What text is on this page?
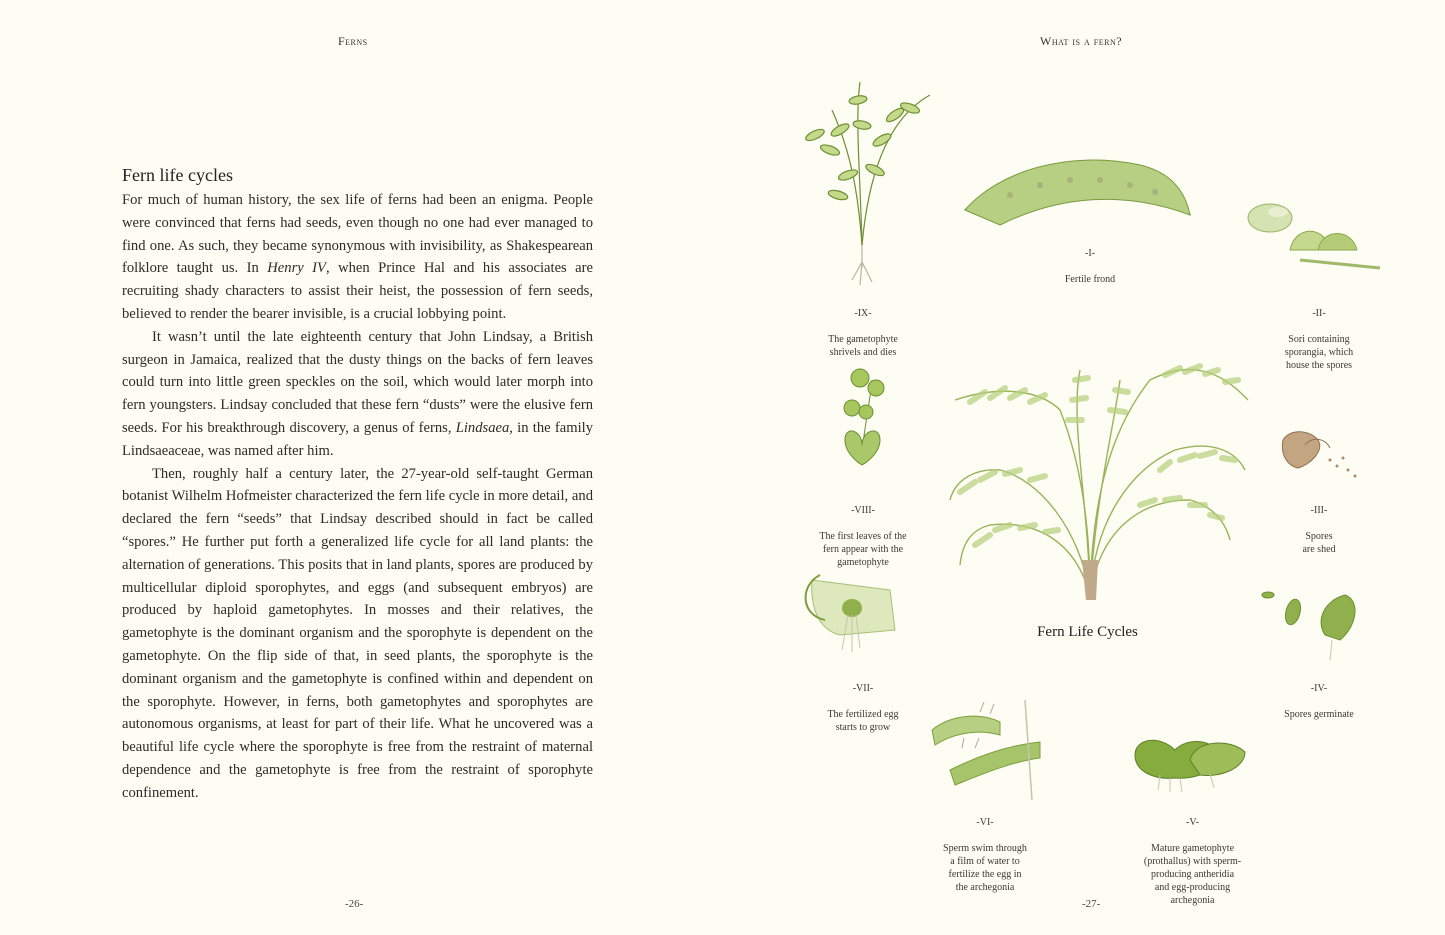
Ferns
Fern life cycles

For much of human history, the sex life of ferns had been an enigma. People were convinced that ferns had seeds, even though no one had ever managed to find one. As such, they became synonymous with invisibility, as Shakespearean folklore taught us. In Henry IV, when Prince Hal and his associates are recruiting shady characters to assist their heist, the possession of fern seeds, believed to render the bearer invisible, is a crucial lobbying point.

It wasn’t until the late eighteenth century that John Lindsay, a British surgeon in Jamaica, realized that the dusty things on the backs of fern leaves could turn into little green speckles on the soil, which would later morph into fern youngsters. Lindsay concluded that these fern “dusts” were the elusive fern seeds. For his breakthrough discovery, a genus of ferns, Lindsaea, in the family Lindsaeaceae, was named after him.

Then, roughly half a century later, the 27-year-old self-taught German botanist Wilhelm Hofmeister characterized the fern life cycle in more detail, and declared the fern “seeds” that Lindsay described should in fact be called “spores.” He further put forth a generalized life cycle for all land plants: the alternation of generations. This posits that in land plants, spores are produced by multicellular diploid sporophytes, and eggs (and subsequent embryos) are produced by haploid gametophytes. In mosses and their relatives, the gametophyte is the dominant organism and the sporophyte is dependent on the gametophyte. On the flip side of that, in seed plants, the sporophyte is the dominant organism and the gametophyte is confined within and dependent on the sporophyte. However, in ferns, both gametophytes and sporophytes are autonomous organisms, at least for part of their life. What he uncovered was a beautiful life cycle where the sporophyte is free from the restraint of maternal dependence and the gametophyte is free from the restraint of sporophyte confinement.

-26-
What is a fern?
-27-

-I-

Fertile frond

-II-

Sori containing
sporangia, which
house the spores

-III-

Spores
are shed

-IV-

Spores germinate

-V-

Mature gametophyte
(prothallus) with sperm-
producing antheridia
and egg-producing
archegonia

-VI-

Sperm swim through
a film of water to
fertilize the egg in
the archegonia

-VII-

The fertilized egg
starts to grow

-VIII-

The first leaves of the
fern appear with the
gametophyte

-IX-

The gametophyte
shrivels and dies

Fern Life Cycles
